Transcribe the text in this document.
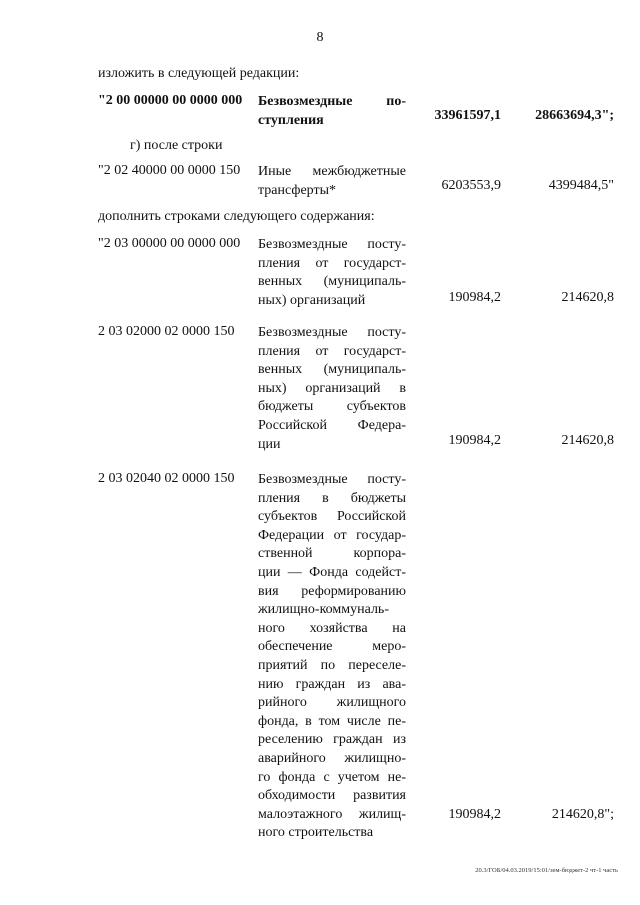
8
изложить в следующей редакции:
"2 00 00000 00 0000 000 Безвозмездные по-
ступления	33961597,1 28663694,3";
г) после строки
"2 02 40000 00 0000 150 Иные межбюджетные
трансферты*	6203553,9	4399484,5"
дополнить строками следующего содержания:
"2 03 00000 00 0000 000 Безвозмездные посту-
пления от государст-
венных (муниципаль-
ных) организаций	190984,2	214620,8
2 03 02000 02 0000 150 Безвозмездные посту-
пления от государст-
венных (муниципаль-
ных) организаций в
бюджеты субъектов
Российской Федера-
ции	190984,2	214620,8
2 03 02040 02 0000 150 Безвозмездные посту-
пления в бюджеты
субъектов Российской
Федерации от государ-
ственной корпора-
ции — Фонда содейст-
вия реформированию
жилищно-коммуналь-
ного хозяйства на
обеспечение меро-
приятий по переселе-
нию граждан из ава-
рийного жилищного
фонда, в том числе пе-
реселению граждан из
аварийного жилищно-
го фонда с учетом не-
обходимости развития
малоэтажного жилищ-
ного строительства
190984,2	214620,8";
20.3/ГОБ/04.03.2019/15:01/зем-бюджет-2 чт-1 часть
